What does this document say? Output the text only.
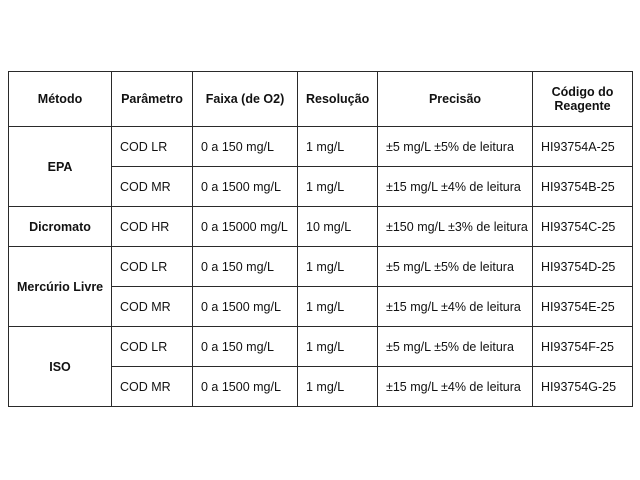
Método	Parâmetro	Faixa (de O2)	Resolução	Precisão	Código do Reagente
EPA	COD LR	0 a 150 mg/L	1 mg/L	±5 mg/L ±5% de leitura	HI93754A-25
	COD MR	0 a 1500 mg/L	1 mg/L	±15 mg/L ±4% de leitura	HI93754B-25
Dicromato	COD HR	0 a 15000 mg/L	10 mg/L	±150 mg/L ±3% de leitura	HI93754C-25
Mercúrio Livre	COD LR	0 a 150 mg/L	1 mg/L	±5 mg/L ±5% de leitura	HI93754D-25
	COD MR	0 a 1500 mg/L	1 mg/L	±15 mg/L ±4% de leitura	HI93754E-25
ISO	COD LR	0 a 150 mg/L	1 mg/L	±5 mg/L ±5% de leitura	HI93754F-25
	COD MR	0 a 1500 mg/L	1 mg/L	±15 mg/L ±4% de leitura	HI93754G-25
